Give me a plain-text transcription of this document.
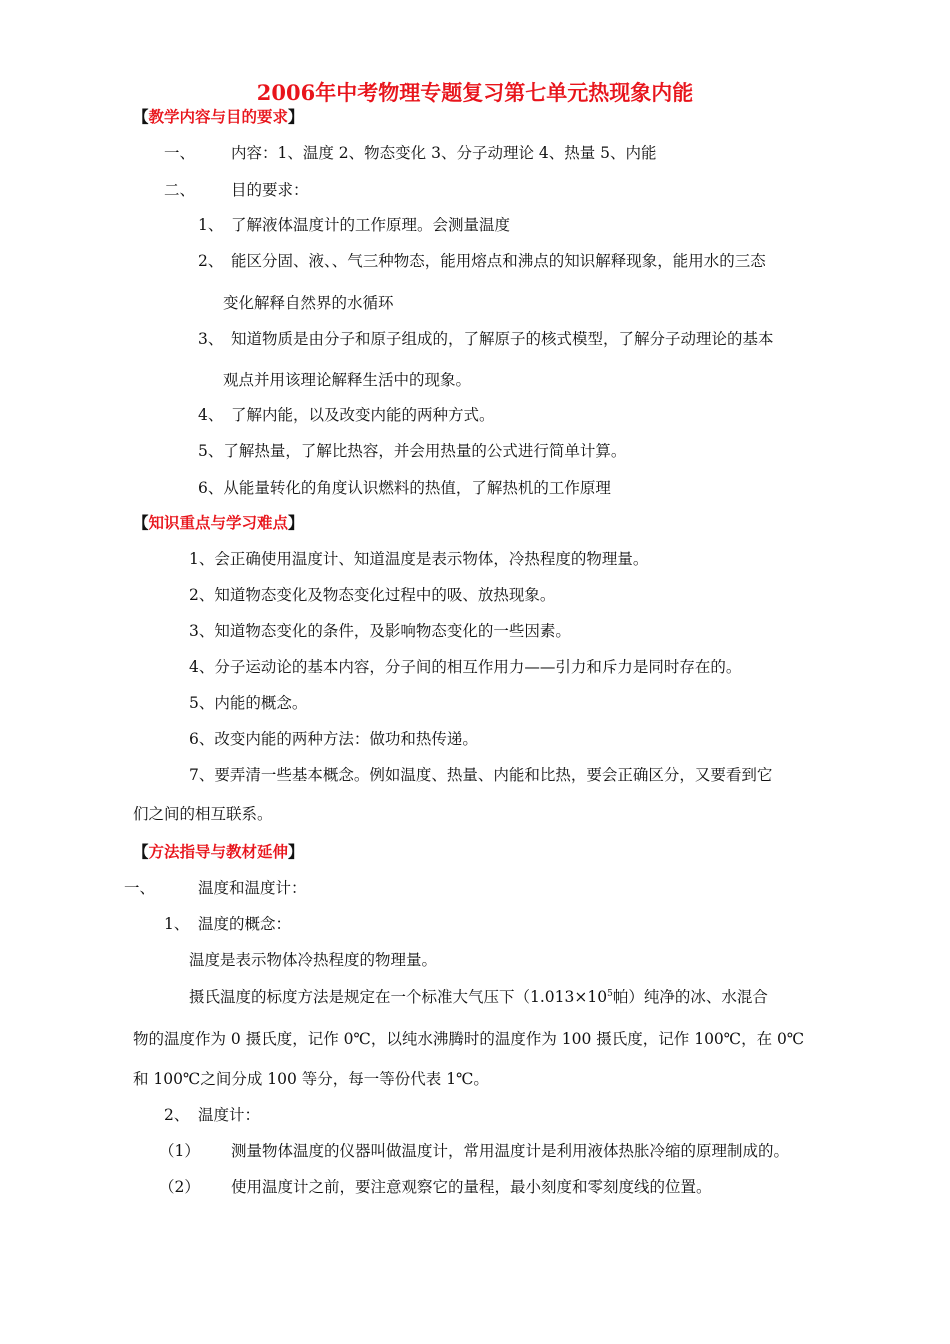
2006年中考物理专题复习第七单元热现象内能
【教学内容与目的要求】
一、 内容：1、温度 2、物态变化 3、分子动理论 4、热量 5、内能
二、 目的要求：
1、 了解液体温度计的工作原理。会测量温度
2、 能区分固、液、、气三种物态，能用熔点和沸点的知识解释现象，能用水的三态
变化解释自然界的水循环
3、 知道物质是由分子和原子组成的，了解原子的核式模型，了解分子动理论的基本
观点并用该理论解释生活中的现象。
4、 了解内能，以及改变内能的两种方式。
5、了解热量，了解比热容，并会用热量的公式进行简单计算。
6、从能量转化的角度认识燃料的热值，了解热机的工作原理
【知识重点与学习难点】
1、会正确使用温度计、知道温度是表示物体，冷热程度的物理量。
2、知道物态变化及物态变化过程中的吸、放热现象。
3、知道物态变化的条件，及影响物态变化的一些因素。
4、分子运动论的基本内容，分子间的相互作用力——引力和斥力是同时存在的。
5、内能的概念。
6、改变内能的两种方法：做功和热传递。
7、要弄清一些基本概念。例如温度、热量、内能和比热，要会正确区分，又要看到它
们之间的相互联系。
【方法指导与教材延伸】
一、	温度和温度计：
1、 温度的概念：
温度是表示物体冷热程度的物理量。
摄氏温度的标度方法是规定在一个标准大气压下（$1.013\times 10^5$帕）纯净的冰、水混合
物的温度作为 0 摄氏度，记作 0℃，以纯水沸腾时的温度作为 100 摄氏度，记作 100℃，在 0℃
和 100℃之间分成 100 等分，每一等份代表 1℃。
2、 温度计：
（1） 测量物体温度的仪器叫做温度计，常用温度计是利用液体热胀冷缩的原理制成的。
（2） 使用温度计之前，要注意观察它的量程，最小刻度和零刻度线的位置。
